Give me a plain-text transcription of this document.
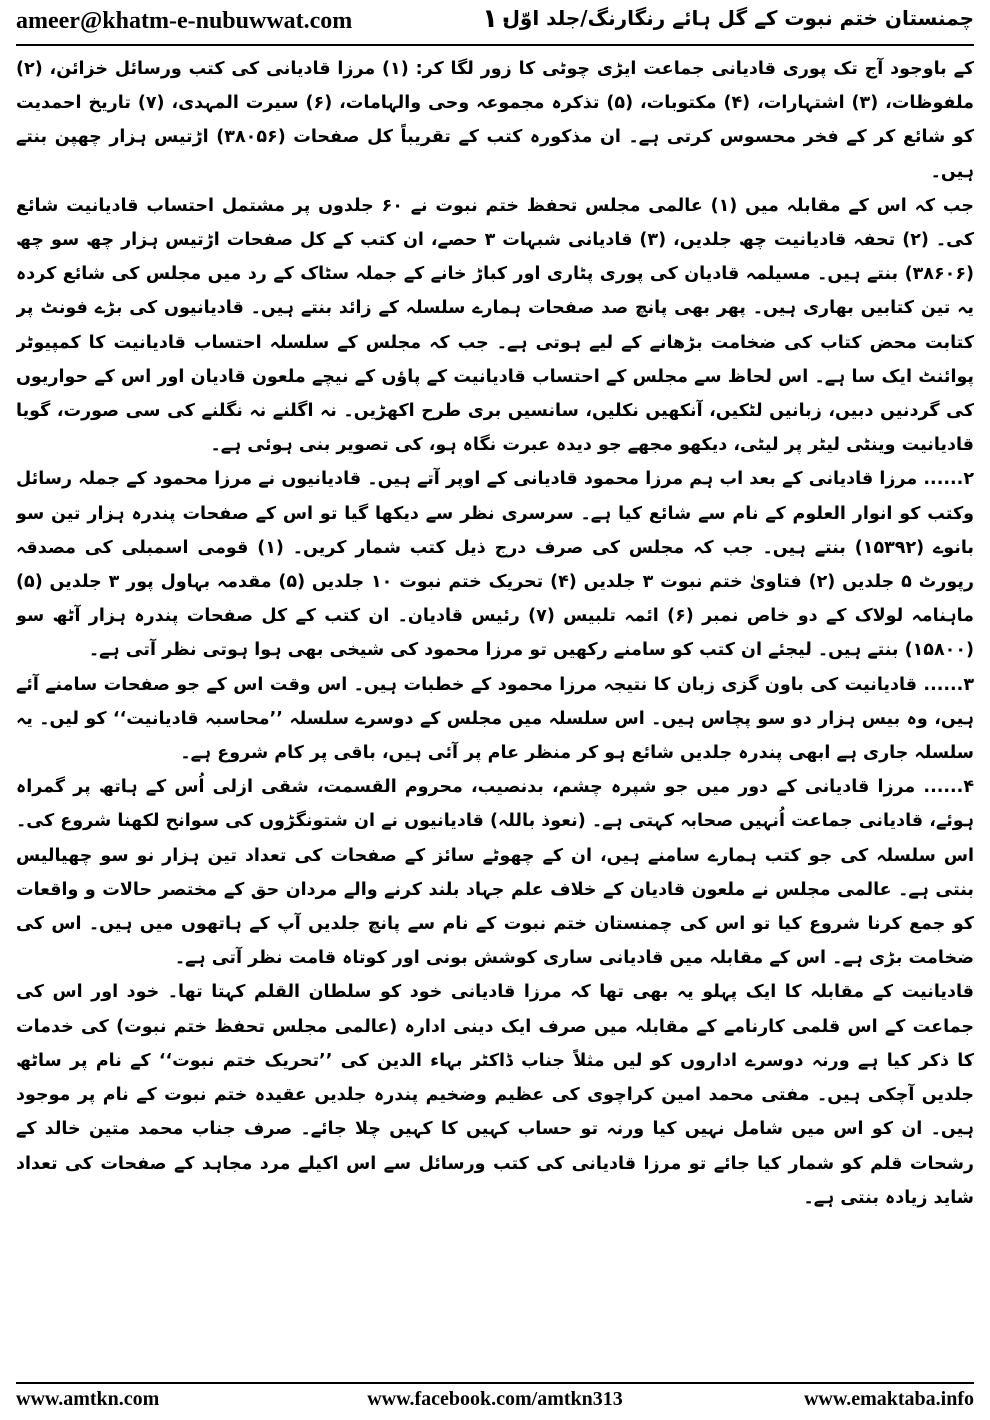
ameer@khatm-e-nubuwwat.com	۱۰
چمنستان ختم نبوت کے گل ہائے رنگارنگ/جلد اوّل

کے باوجود آج تک پوری قادیانی جماعت ایڑی چوٹی کا زور لگا کر: (۱) مرزا قادیانی کی کتب ورسائل خزائن، (۲) ملفوظات، (۳) اشتہارات، (۴) مکتوبات، (۵) تذکرہ مجموعہ وحی والہامات، (۶) سیرت المہدی، (۷) تاریخ احمدیت کو شائع کر کے فخر محسوس کرتی ہے۔ ان مذکورہ کتب کے تقریباً کل صفحات (۳۸۰۵۶) اڑتیس ہزار چھپن بنتے ہیں۔

جب کہ اس کے مقابلہ میں (۱) عالمی مجلس تحفظ ختم نبوت نے ۶۰ جلدوں پر مشتمل احتساب قادیانیت شائع کی۔ (۲) تحفہ قادیانیت چھ جلدیں، (۳) قادیانی شبہات ۳ حصے، ان کتب کے کل صفحات اڑتیس ہزار چھ سو چھ (۳۸۶۰۶) بنتے ہیں۔ مسیلمہ قادیان کی پوری پٹاری اور کباڑ خانے کے جملہ سٹاک کے رد میں مجلس کی شائع کردہ یہ تین کتابیں بھاری ہیں۔ پھر بھی پانچ صد صفحات ہمارے سلسلہ کے زائد بنتے ہیں۔ قادیانیوں کی بڑے فونٹ پر کتابت محض کتاب کی ضخامت بڑھانے کے لیے ہوتی ہے۔ جب کہ مجلس کے سلسلہ احتساب قادیانیت کا کمپیوٹر پوائنٹ ایک سا ہے۔ اس لحاظ سے مجلس کے احتساب قادیانیت کے پاؤں کے نیچے ملعون قادیان اور اس کے حواریوں کی گردنیں دبیں، زبانیں لٹکیں، آنکھیں نکلیں، سانسیں بری طرح اکھڑیں۔ نہ اگلنے نہ نگلنے کی سی صورت، گویا قادیانیت وینٹی لیٹر پر لیٹی، دیکھو مجھے جو دیدہ عبرت نگاہ ہو، کی تصویر بنی ہوئی ہے۔

۲...... مرزا قادیانی کے بعد اب ہم مرزا محمود قادیانی کے اوپر آتے ہیں۔ قادیانیوں نے مرزا محمود کے جملہ رسائل وکتب کو انوار العلوم کے نام سے شائع کیا ہے۔ سرسری نظر سے دیکھا گیا تو اس کے صفحات پندرہ ہزار تین سو بانوے (۱۵۳۹۲) بنتے ہیں۔ جب کہ مجلس کی صرف درج ذیل کتب شمار کریں۔ (۱) قومی اسمبلی کی مصدقہ رپورٹ ۵ جلدیں (۲) فتاویٰ ختم نبوت ۳ جلدیں (۴) تحریک ختم نبوت ۱۰ جلدیں (۵) مقدمہ بہاول پور ۳ جلدیں (۵) ماہنامہ لولاک کے دو خاص نمبر (۶) ائمہ تلبیس (۷) رئیس قادیان۔ ان کتب کے کل صفحات پندرہ ہزار آٹھ سو (۱۵۸۰۰) بنتے ہیں۔ لیجئے ان کتب کو سامنے رکھیں تو مرزا محمود کی شیخی بھی ہوا ہوتی نظر آتی ہے۔

۳...... قادیانیت کی باون گزی زبان کا نتیجہ مرزا محمود کے خطبات ہیں۔ اس وقت اس کے جو صفحات سامنے آئے ہیں، وہ بیس ہزار دو سو پچاس ہیں۔ اس سلسلہ میں مجلس کے دوسرے سلسلہ ’’محاسبہ قادیانیت‘‘ کو لیں۔ یہ سلسلہ جاری ہے ابھی پندرہ جلدیں شائع ہو کر منظر عام پر آئی ہیں، باقی پر کام شروع ہے۔

۴...... مرزا قادیانی کے دور میں جو شپرہ چشم، بدنصیب، محروم القسمت، شقی ازلی اُس کے ہاتھ پر گمراہ ہوئے، قادیانی جماعت اُنہیں صحابہ کہتی ہے۔ (نعوذ باللہ) قادیانیوں نے ان شتونگڑوں کی سوانح لکھنا شروع کی۔ اس سلسلہ کی جو کتب ہمارے سامنے ہیں، ان کے چھوٹے سائز کے صفحات کی تعداد تین ہزار نو سو چھیالیس بنتی ہے۔ عالمی مجلس نے ملعون قادیان کے خلاف علم جہاد بلند کرنے والے مردان حق کے مختصر حالات و واقعات کو جمع کرنا شروع کیا تو اس کی چمنستان ختم نبوت کے نام سے پانچ جلدیں آپ کے ہاتھوں میں ہیں۔ اس کی ضخامت بڑی ہے۔ اس کے مقابلہ میں قادیانی ساری کوشش بونی اور کوتاہ قامت نظر آتی ہے۔

قادیانیت کے مقابلہ کا ایک پہلو یہ بھی تھا کہ مرزا قادیانی خود کو سلطان القلم کہتا تھا۔ خود اور اس کی جماعت کے اس قلمی کارنامے کے مقابلہ میں صرف ایک دینی ادارہ (عالمی مجلس تحفظ ختم نبوت) کی خدمات کا ذکر کیا ہے ورنہ دوسرے اداروں کو لیں مثلاً جناب ڈاکٹر بہاء الدین کی ’’تحریک ختم نبوت‘‘ کے نام پر ساٹھ جلدیں آچکی ہیں۔ مفتی محمد امین کراچوی کی عظیم وضخیم پندرہ جلدیں عقیدہ ختم نبوت کے نام پر موجود ہیں۔ ان کو اس میں شامل نہیں کیا ورنہ تو حساب کہیں کا کہیں چلا جائے۔ صرف جناب محمد متین خالد کے رشحات قلم کو شمار کیا جائے تو مرزا قادیانی کی کتب ورسائل سے اس اکیلے مرد مجاہد کے صفحات کی تعداد شاید زیادہ بنتی ہے۔

www.amtkn.com	www.facebook.com/amtkn313	www.emaktaba.info
